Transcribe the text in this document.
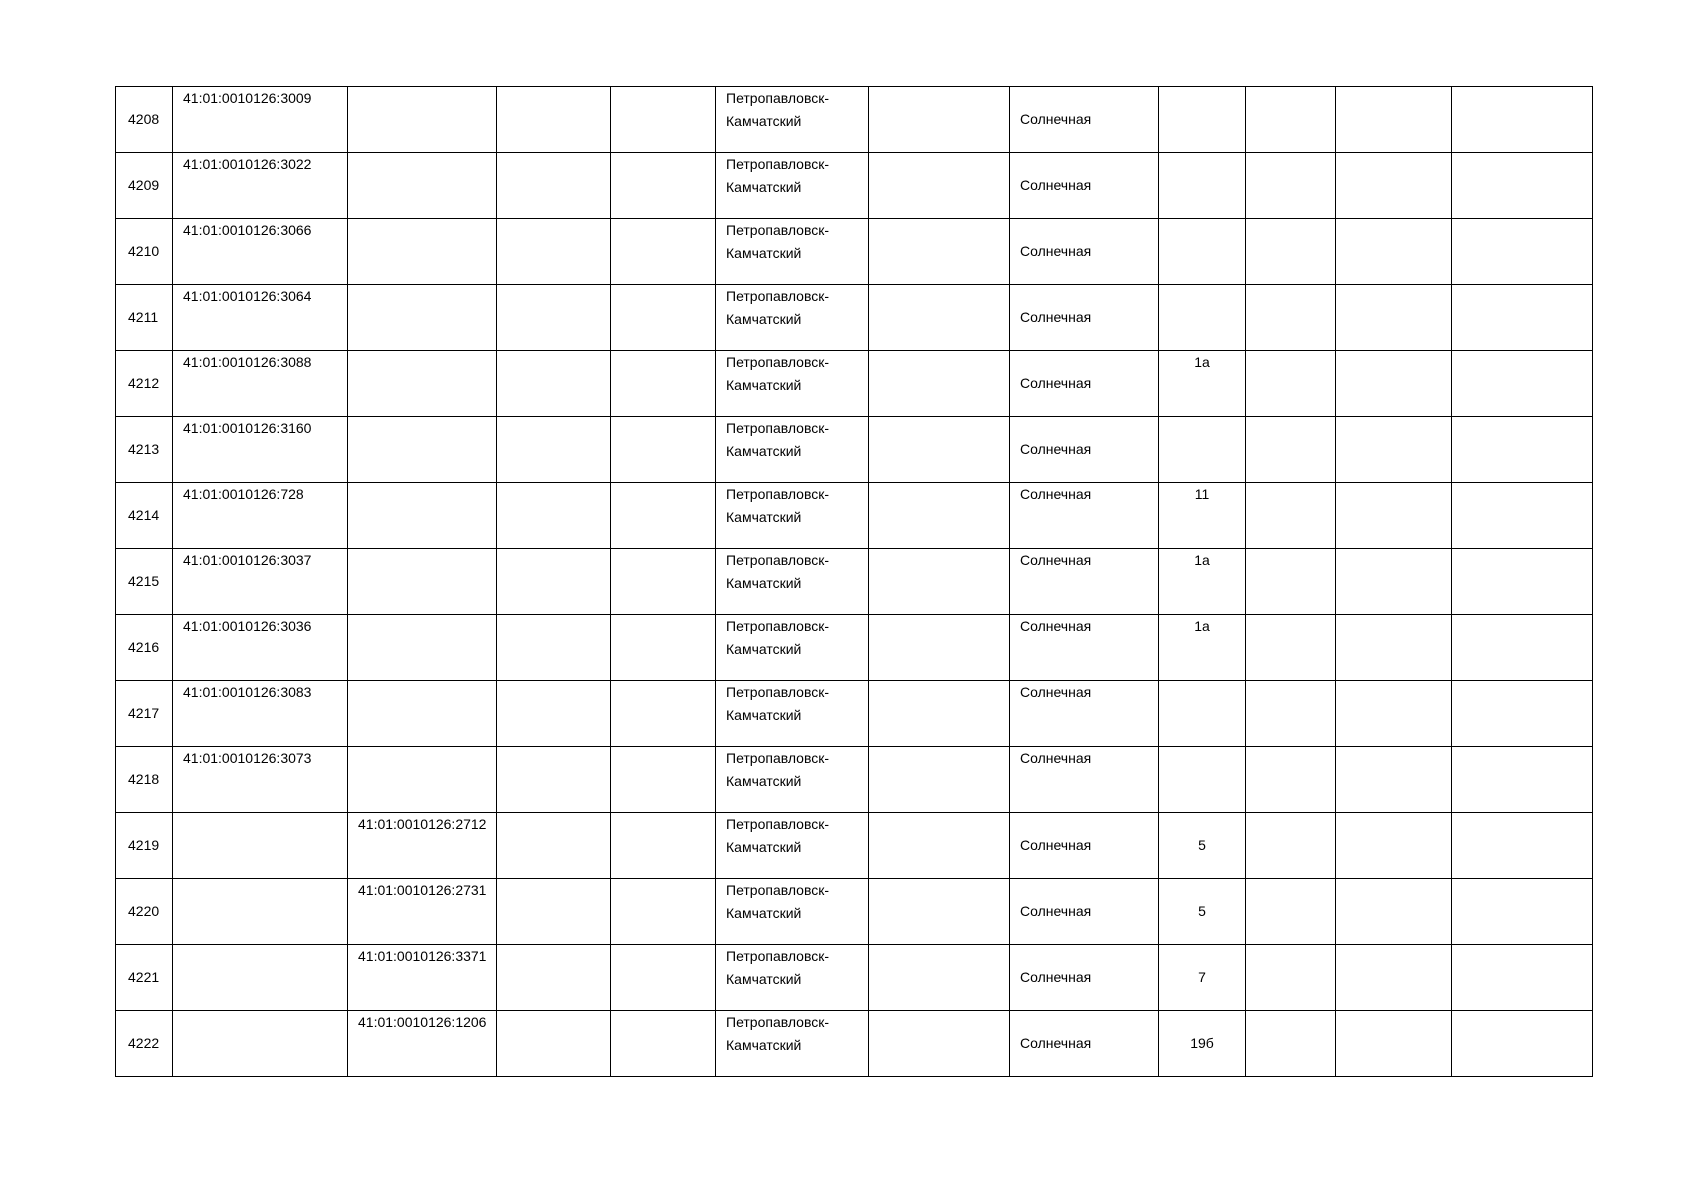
4208	41:01:0010126:3009				Петропавловск-Камчатский		Солнечная				
4209	41:01:0010126:3022				Петропавловск-Камчатский		Солнечная				
4210	41:01:0010126:3066				Петропавловск-Камчатский		Солнечная				
4211	41:01:0010126:3064				Петропавловск-Камчатский		Солнечная				
4212	41:01:0010126:3088				Петропавловск-Камчатский		Солнечная	1а			
4213	41:01:0010126:3160				Петропавловск-Камчатский		Солнечная				
4214	41:01:0010126:728				Петропавловск-Камчатский		Солнечная	11			
4215	41:01:0010126:3037				Петропавловск-Камчатский		Солнечная	1а			
4216	41:01:0010126:3036				Петропавловск-Камчатский		Солнечная	1а			
4217	41:01:0010126:3083				Петропавловск-Камчатский		Солнечная				
4218	41:01:0010126:3073				Петропавловск-Камчатский		Солнечная				
4219		41:01:0010126:2712			Петропавловск-Камчатский		Солнечная	5			
4220		41:01:0010126:2731			Петропавловск-Камчатский		Солнечная	5			
4221		41:01:0010126:3371			Петропавловск-Камчатский		Солнечная	7			
4222		41:01:0010126:1206			Петропавловск-Камчатский		Солнечная	19б			
